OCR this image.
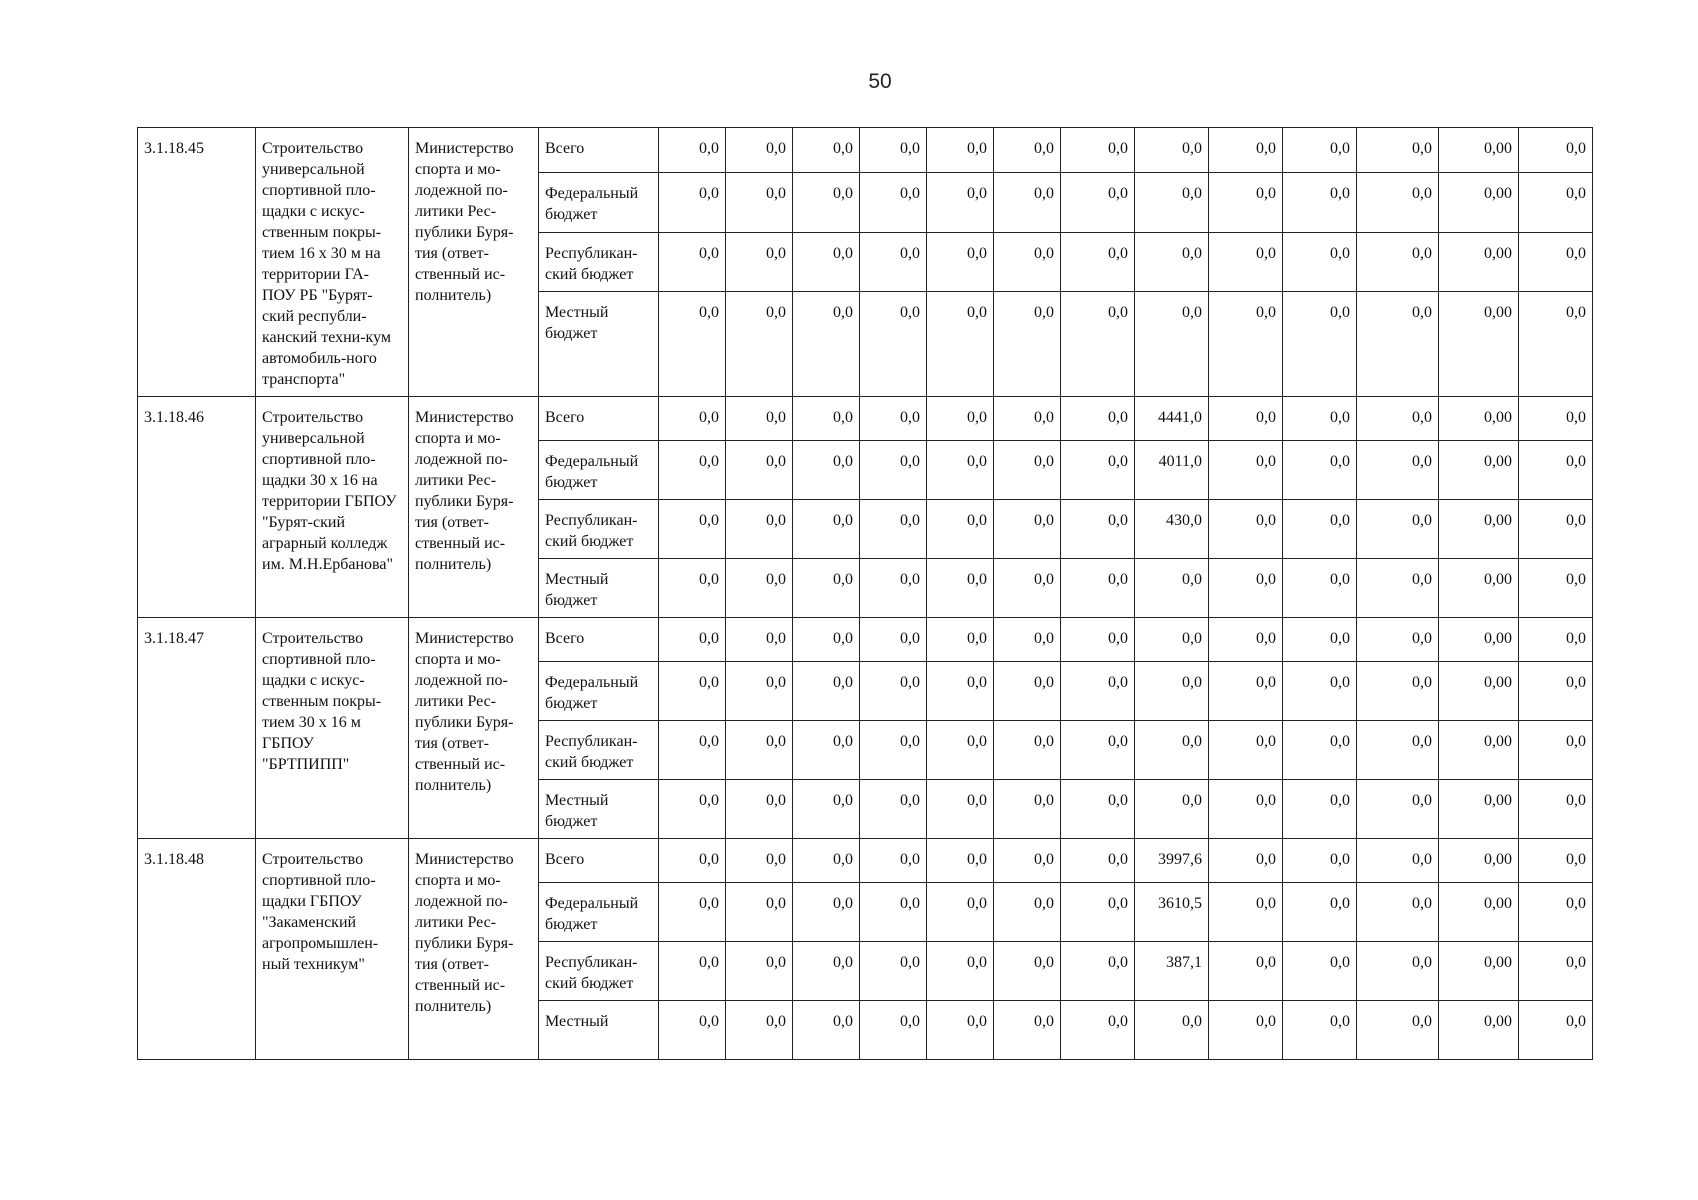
50
3.1.18.45	Строительство универсальной спортивной пло-щадки с искус-ственным покры-тием 16 х 30 м на территории ГА-ПОУ РБ "Бурят-ский республи-канский техни-кум автомобиль-ного транспорта"	Министерство спорта и мо-лодежной по-литики Рес-публики Буря-тия (ответ-ственный ис-полнитель)	Всего	0,0	0,0	0,0	0,0	0,0	0,0	0,0	0,0	0,0	0,0	0,0	0,00	0,0
			Федеральный бюджет	0,0	0,0	0,0	0,0	0,0	0,0	0,0	0,0	0,0	0,0	0,0	0,00	0,0
			Республикан-ский бюджет	0,0	0,0	0,0	0,0	0,0	0,0	0,0	0,0	0,0	0,0	0,0	0,00	0,0
			Местный бюджет	0,0	0,0	0,0	0,0	0,0	0,0	0,0	0,0	0,0	0,0	0,0	0,00	0,0
3.1.18.46	Строительство универсальной спортивной пло-щадки 30 х 16 на территории ГБПОУ "Бурят-ский аграрный колледж им. М.Н.Ербанова"	Министерство спорта и мо-лодежной по-литики Рес-публики Буря-тия (ответ-ственный ис-полнитель)	Всего	0,0	0,0	0,0	0,0	0,0	0,0	0,0	4441,0	0,0	0,0	0,0	0,00	0,0
			Федеральный бюджет	0,0	0,0	0,0	0,0	0,0	0,0	0,0	4011,0	0,0	0,0	0,0	0,00	0,0
			Республикан-ский бюджет	0,0	0,0	0,0	0,0	0,0	0,0	0,0	430,0	0,0	0,0	0,0	0,00	0,0
			Местный бюджет	0,0	0,0	0,0	0,0	0,0	0,0	0,0	0,0	0,0	0,0	0,0	0,00	0,0
3.1.18.47	Строительство спортивной пло-щадки с искус-ственным покры-тием 30 х 16 м ГБПОУ "БРТПИПП"	Министерство спорта и мо-лодежной по-литики Рес-публики Буря-тия (ответ-ственный ис-полнитель)	Всего	0,0	0,0	0,0	0,0	0,0	0,0	0,0	0,0	0,0	0,0	0,0	0,00	0,0
			Федеральный бюджет	0,0	0,0	0,0	0,0	0,0	0,0	0,0	0,0	0,0	0,0	0,0	0,00	0,0
			Республикан-ский бюджет	0,0	0,0	0,0	0,0	0,0	0,0	0,0	0,0	0,0	0,0	0,0	0,00	0,0
			Местный бюджет	0,0	0,0	0,0	0,0	0,0	0,0	0,0	0,0	0,0	0,0	0,0	0,00	0,0
3.1.18.48	Строительство спортивной пло-щадки ГБПОУ "Закаменский агропромышлен-ный техникум"	Министерство спорта и мо-лодежной по-литики Рес-публики Буря-тия (ответ-ственный ис-полнитель)	Всего	0,0	0,0	0,0	0,0	0,0	0,0	0,0	3997,6	0,0	0,0	0,0	0,00	0,0
			Федеральный бюджет	0,0	0,0	0,0	0,0	0,0	0,0	0,0	3610,5	0,0	0,0	0,0	0,00	0,0
			Республикан-ский бюджет	0,0	0,0	0,0	0,0	0,0	0,0	0,0	387,1	0,0	0,0	0,0	0,00	0,0
			Местный	0,0	0,0	0,0	0,0	0,0	0,0	0,0	0,0	0,0	0,0	0,0	0,00	0,0
